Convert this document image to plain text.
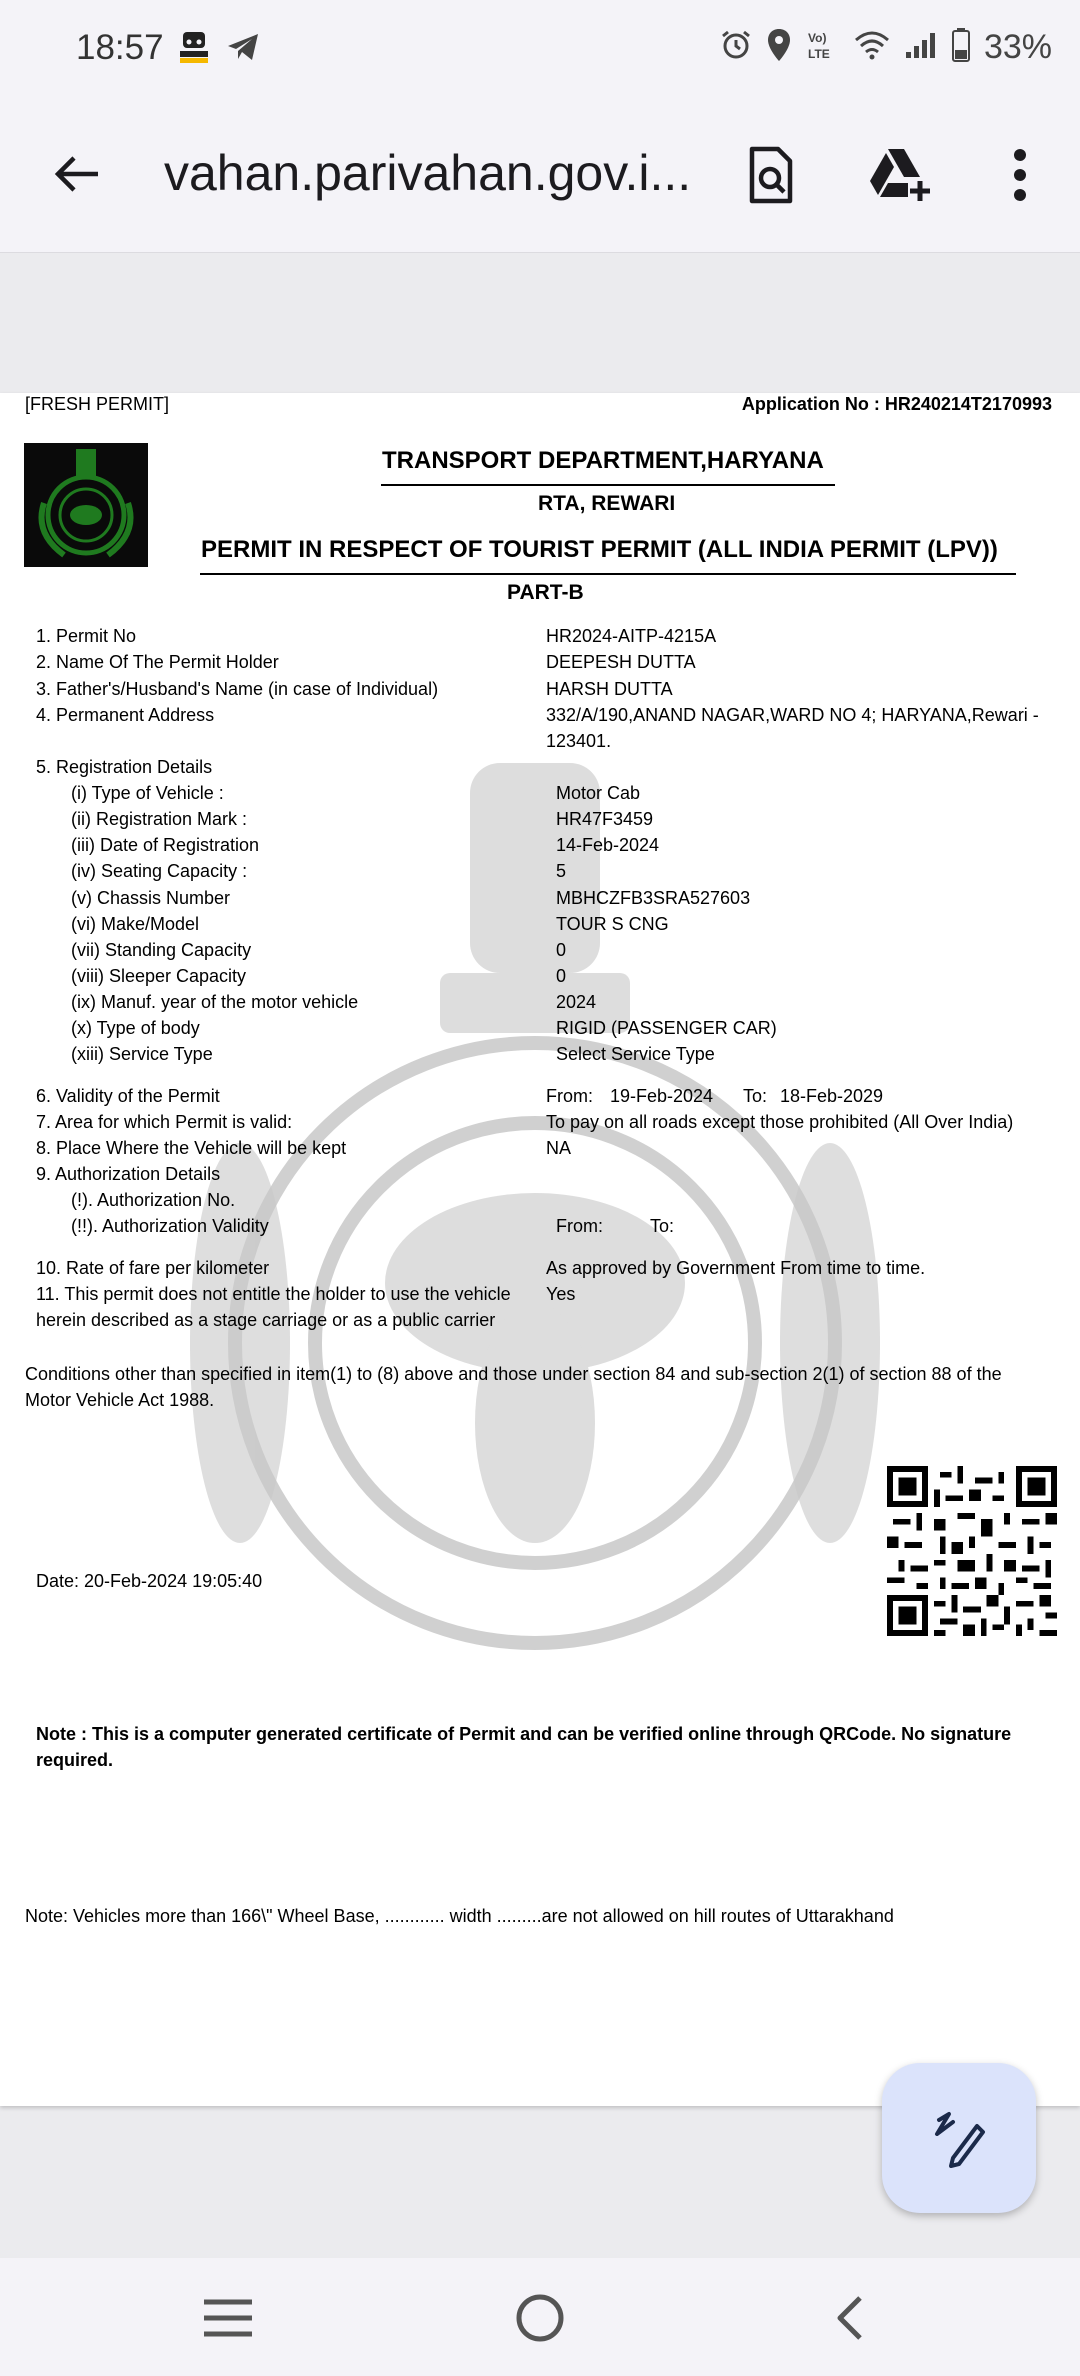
18:57	Vo)
LTE	33%
vahan.parivahan.gov.i...
[FRESH PERMIT]	Application No : HR240214T2170993
TRANSPORT DEPARTMENT,HARYANA
RTA, REWARI
PERMIT IN RESPECT OF TOURIST PERMIT (ALL INDIA PERMIT (LPV))
PART-B
1. Permit No	HR2024-AITP-4215A
2. Name Of The Permit Holder	DEEPESH DUTTA
3. Father's/Husband's Name (in case of Individual)	HARSH DUTTA
4. Permanent Address	332/A/190,ANAND NAGAR,WARD NO 4; HARYANA,Rewari -
123401.
5. Registration Details
(i) Type of Vehicle :	Motor Cab
(ii) Registration Mark :	HR47F3459
(iii) Date of Registration	14-Feb-2024
(iv) Seating Capacity :	5
(v) Chassis Number	MBHCZFB3SRA527603
(vi) Make/Model	TOUR S CNG
(vii) Standing Capacity	0
(viii) Sleeper Capacity	0
(ix) Manuf. year of the motor vehicle	2024
(x) Type of body	RIGID (PASSENGER CAR)
(xiii) Service Type	Select Service Type
6. Validity of the Permit	From: 19-Feb-2024 To: 18-Feb-2029
7. Area for which Permit is valid:	To pay on all roads except those prohibited (All Over India)
8. Place Where the Vehicle will be kept	NA
9. Authorization Details
(!). Authorization No.
(!!). Authorization Validity	From:	To:
10. Rate of fare per kilometer	As approved by Government From time to time.
11. This permit does not entitle the holder to use the vehicle Yes
herein described as a stage carriage or as a public carrier
Conditions other than specified in item(1) to (8) above and those under section 84 and sub-section 2(1) of section 88 of the
Motor Vehicle Act 1988.
Date: 20-Feb-2024 19:05:40
Note : This is a computer generated certificate of Permit and can be verified online through QRCode. No signature
required.
Note: Vehicles more than 166\" Wheel Base, ............ width .........are not allowed on hill routes of Uttarakhand
